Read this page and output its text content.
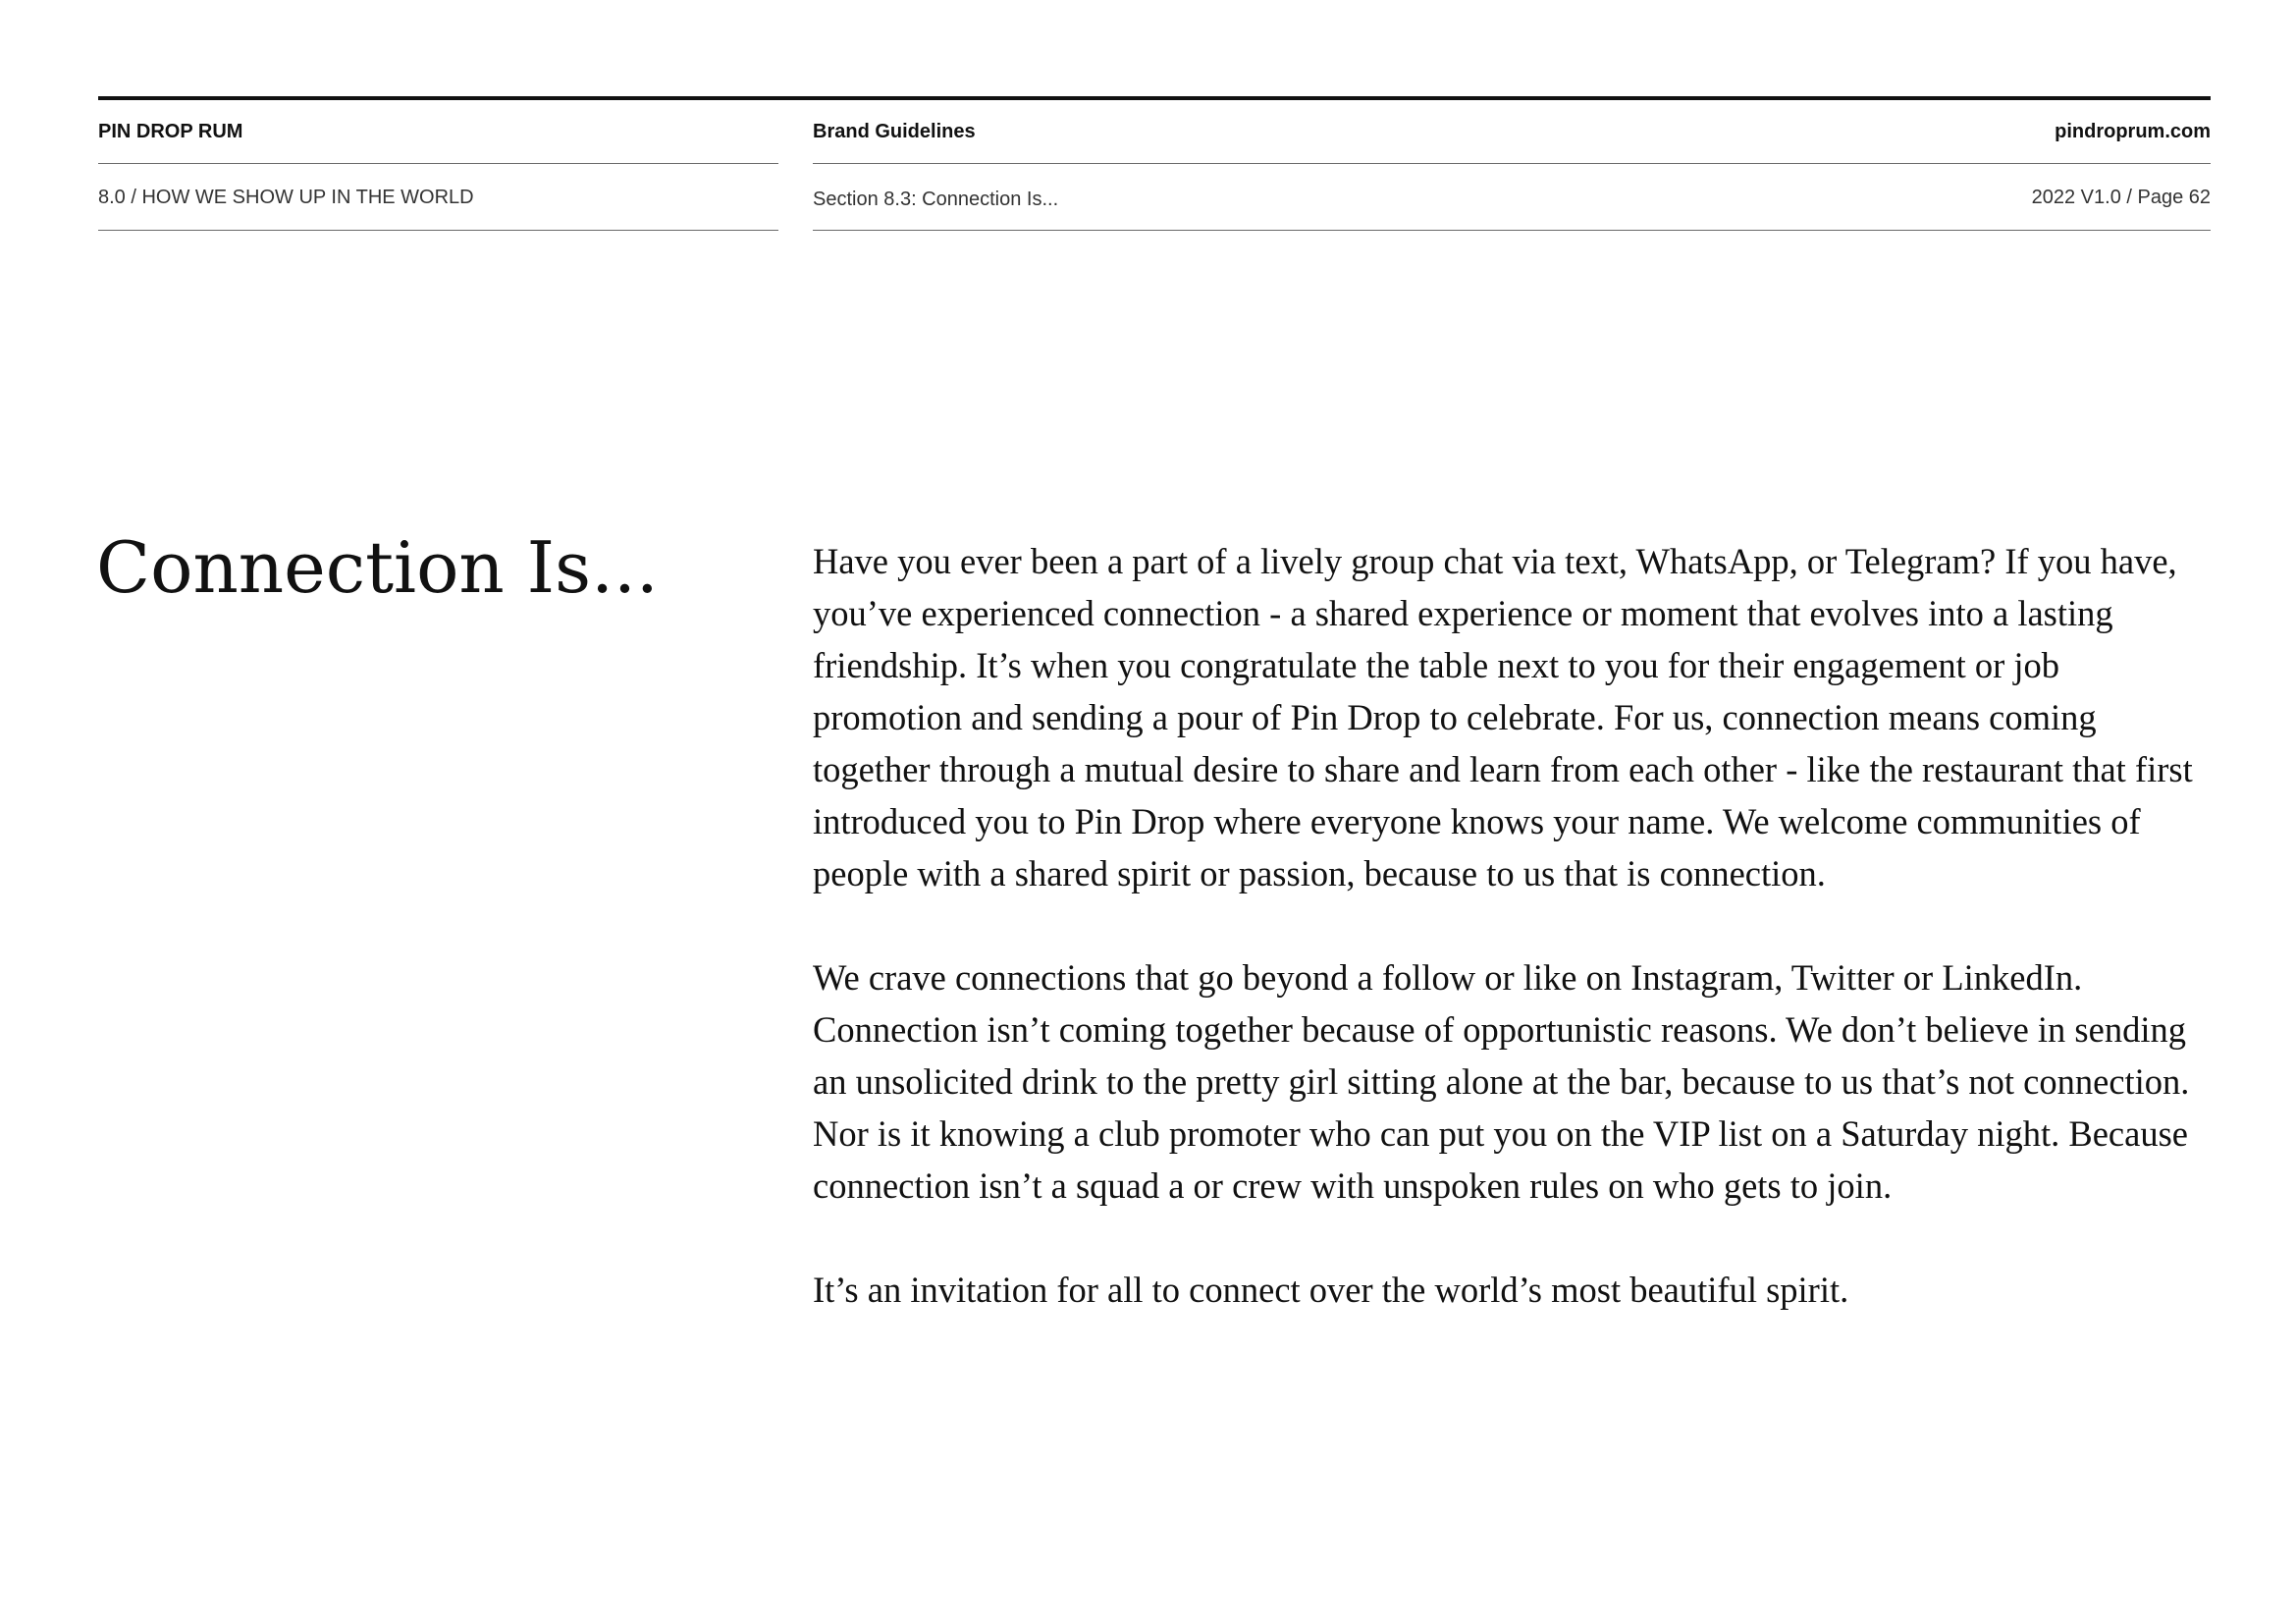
PIN DROP RUM	Brand Guidelines	pindroprum.com
8.0 / HOW WE SHOW UP IN THE WORLD	Section 8.3: Connection Is...	2022 V1.0 / Page 62
Connection Is...	Have you ever been a part of a lively group chat via text, WhatsApp, or Telegram? If you have, you’ve experienced connection - a shared experience or moment that evolves into a lasting friendship. It’s when you congratulate the table next to you for their engagement or job promotion and sending a pour of Pin Drop to celebrate. For us, connection means coming together through a mutual desire to share and learn from each other - like the restaurant that first introduced you to Pin Drop where everyone knows your name. We welcome communities of people with a shared spirit or passion, because to us that is connection.

We crave connections that go beyond a follow or like on Instagram, Twitter or LinkedIn. Connection isn’t coming together because of opportunistic reasons. We don’t believe in sending an unsolicited drink to the pretty girl sitting alone at the bar, because to us that’s not connection. Nor is it knowing a club promoter who can put you on the VIP list on a Saturday night. Because connection isn’t a squad a or crew with unspoken rules on who gets to join.

It’s an invitation for all to connect over the world’s most beautiful spirit.
